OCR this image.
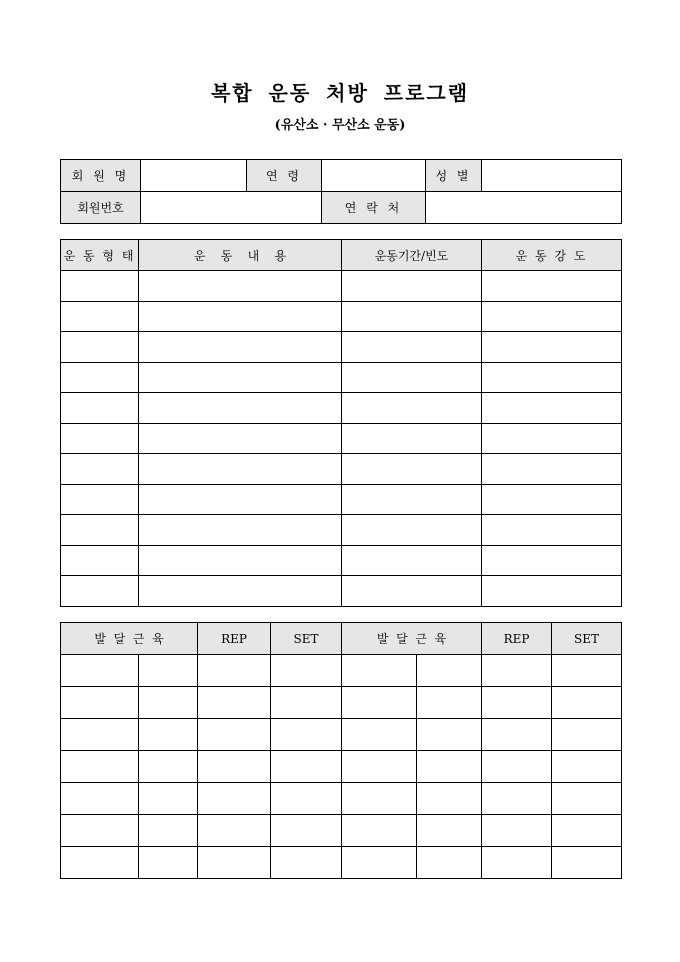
복합 운동 처방 프로그램
(유산소 · 무산소 운동)
회 원 명		연 령		성 별	
회원번호			연 락 처		
운 동 형 태	운    동    내    용	운동기간/빈도	운 동 강 도

발  달  근  육		REP	SET	발  달  근  육		REP	SET
